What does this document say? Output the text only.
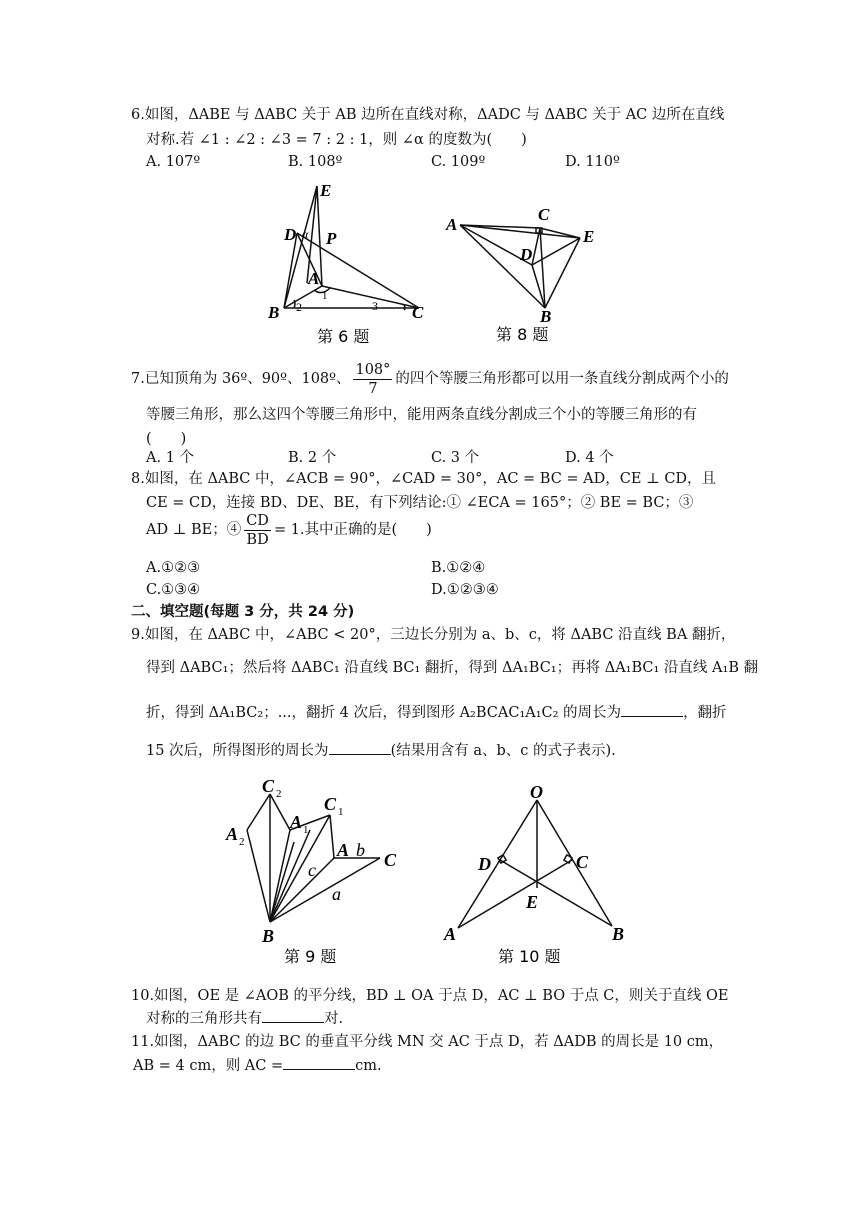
6.如图，ΔABE 与 ΔABC 关于 AB 边所在直线对称，ΔADC 与 ΔABC 关于 AC 边所在直线
对称.若 ∠1 : ∠2 : ∠3 = 7 : 2 : 1，则 ∠α 的度数为(　　)
A. 107º	B. 108º	C. 109º	D. 110º
E
D α P
A
1
B 2	3 C
第 6 题
A
C
E
D
B
第 8 题
7.已知顶角为 36º、90º、108º、 $\frac{108^\circ}{7}$ 的四个等腰三角形都可以用一条直线分割成两个小的
等腰三角形，那么这四个等腰三角形中，能用两条直线分割成三个小的等腰三角形的有
(　　)
A. 1 个	B. 2 个	C. 3 个	D. 4 个
8.如图，在 ΔABC 中，∠ACB = 90°，∠CAD = 30°，AC = BC = AD，CE ⊥ CD，且
CE = CD，连接 BD、DE、BE，有下列结论:① ∠ECA = 165°；② BE = BC；③
AD ⊥ BE；④ $\frac{CD}{BD} = 1$.其中正确的是(　　)
A.①②③	B.①②④
C.①③④	D.①②③④
二、填空题(每题 3 分，共 24 分)
9.如图，在 ΔABC 中，∠ABC < 20°，三边长分别为 a、b、c，将 ΔABC 沿直线 BA 翻折，
得到 ΔABC₁；然后将 ΔABC₁ 沿直线 BC₁ 翻折，得到 ΔA₁BC₁；再将 ΔA₁BC₁ 沿直线 A₁B 翻
折，得到 ΔA₁BC₂；...，翻折 4 次后，得到图形 A₂BCAC₁A₁C₂ 的周长为	，翻折
15 次后，所得图形的周长为	(结果用含有 a、b、c 的式子表示).
C 2 C 1
A 2
A 1
A b C
c
a
B
第 9 题
O
D	C
E
A	B
第 10 题
10.如图，OE 是 ∠AOB 的平分线，BD ⊥ OA 于点 D，AC ⊥ BO 于点 C，则关于直线 OE
对称的三角形共有	对.
11.如图，ΔABC 的边 BC 的垂直平分线 MN 交 AC 于点 D，若 ΔADB 的周长是 10 cm，
AB = 4 cm，则 AC =	cm.
